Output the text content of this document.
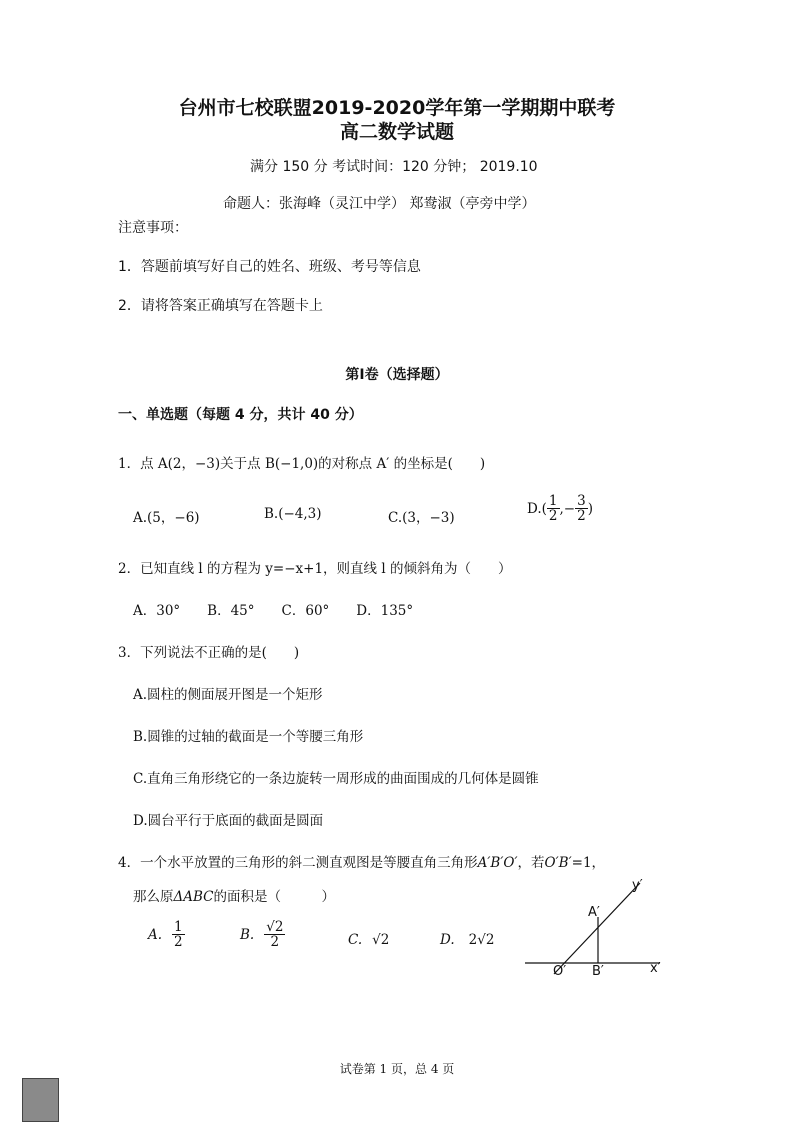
台州市七校联盟2019-2020学年第一学期期中联考
高二数学试题
满分 150 分 考试时间：120 分钟； 2019.10
命题人：张海峰（灵江中学） 郑鸯淑（亭旁中学）
注意事项：
1．答题前填写好自己的姓名、班级、考号等信息
2．请将答案正确填写在答题卡上
第Ⅰ卷（选择题）
一、单选题（每题 4 分，共计 40 分）
1．点 A(2，−3)关于点 B(−1,0)的对称点 A′ 的坐标是(　　)
A.(5，−6)	B.(−4,3)	C.(3，−3)
$D.( \frac{1}{2}$ ,− $\frac{3}{2}$ )
2．已知直线 l 的方程为 y=−x+1，则直线 l 的倾斜角为（　　）
A．30°　　B．45°　　C．60°　　D．135°
3．下列说法不正确的是(　　)
A.圆柱的侧面展开图是一个矩形
B.圆锥的过轴的截面是一个等腰三角形
C.直角三角形绕它的一条边旋转一周形成的曲面围成的几何体是圆锥
D.圆台平行于底面的截面是圆面
4．一个水平放置的三角形的斜二测直观图是等腰直角三角形A′B′O′，若O′B′=1，
那么原ΔABC的面积是（　　　）
A. $\frac{1}{2}$	B. $\frac{√2}{2}$	C. √2	D. 2√2
y′
A′
O′ B′	x′
试卷第 1 页，总 4 页
